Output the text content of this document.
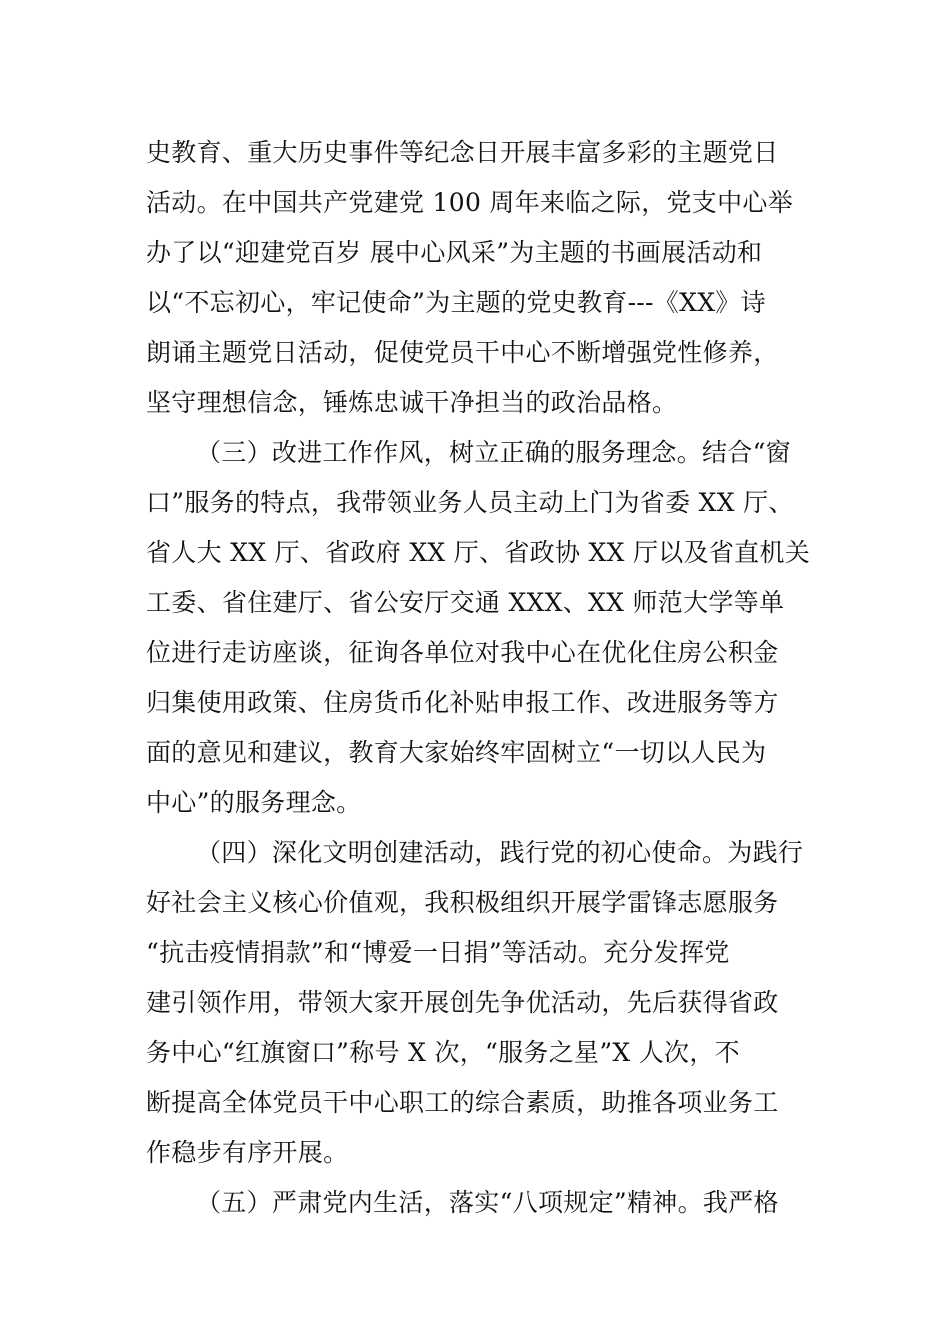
史教育、重大历史事件等纪念日开展丰富多彩的主题党日
活动。在中国共产党建党 100 周年来临之际，党支中心举
办了以“迎建党百岁 展中心风采”为主题的书画展活动和
以“不忘初心，牢记使命”为主题的党史教育---《XX》诗
朗诵主题党日活动，促使党员干中心不断增强党性修养，
坚守理想信念，锤炼忠诚干净担当的政治品格。
（三）改进工作作风，树立正确的服务理念。结合“窗
口”服务的特点，我带领业务人员主动上门为省委 XX 厅、
省人大 XX 厅、省政府 XX 厅、省政协 XX 厅以及省直机关
工委、省住建厅、省公安厅交通 XXX、XX 师范大学等单
位进行走访座谈，征询各单位对我中心在优化住房公积金
归集使用政策、住房货币化补贴申报工作、改进服务等方
面的意见和建议，教育大家始终牢固树立“一切以人民为
中心”的服务理念。
（四）深化文明创建活动，践行党的初心使命。为践行
好社会主义核心价值观，我积极组织开展学雷锋志愿服务
“抗击疫情捐款”和“博爱一日捐”等活动。充分发挥党
建引领作用，带领大家开展创先争优活动，先后获得省政
务中心“红旗窗口”称号 X 次，“服务之星”X 人次，不
断提高全体党员干中心职工的综合素质，助推各项业务工
作稳步有序开展。
（五）严肃党内生活，落实“八项规定”精神。我严格
